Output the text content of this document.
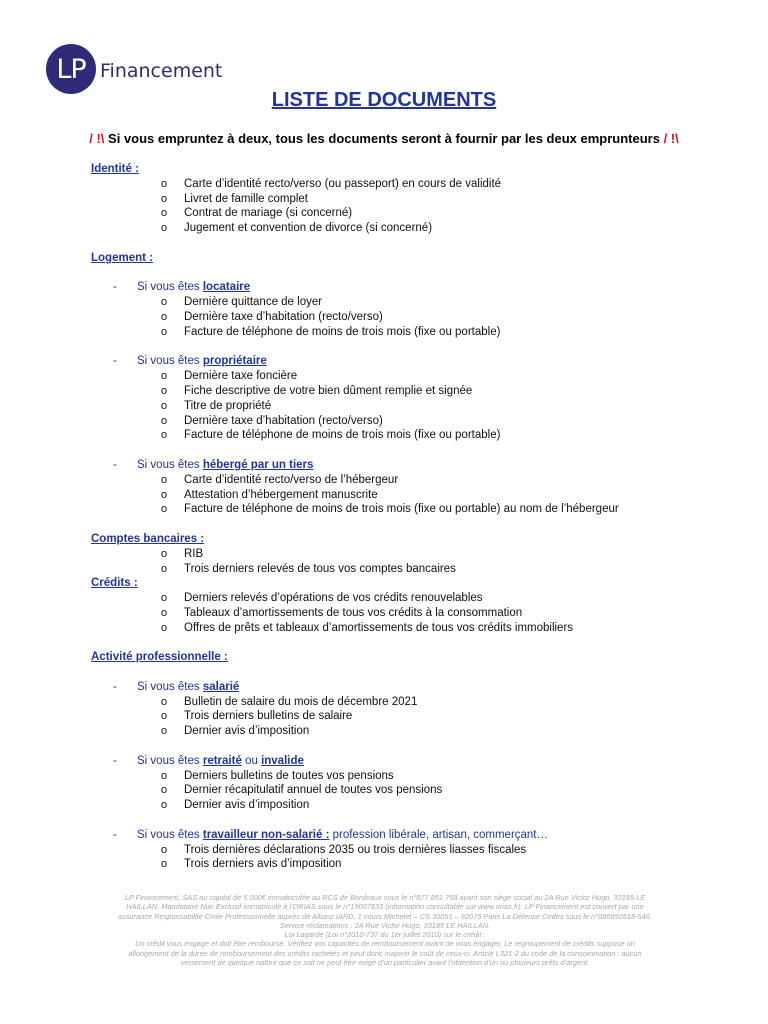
LP Financement
LISTE DE DOCUMENTS
/ !\ Si vous empruntez à deux, tous les documents seront à fournir par les deux emprunteurs / !\
Identité :
o Carte d’identité recto/verso (ou passeport) en cours de validité
o Livret de famille complet
o Contrat de mariage (si concerné)
o Jugement et convention de divorce (si concerné)
Logement :
- Si vous êtes locataire
o Dernière quittance de loyer
o Dernière taxe d’habitation (recto/verso)
o Facture de téléphone de moins de trois mois (fixe ou portable)
- Si vous êtes propriétaire
o Dernière taxe foncière
o Fiche descriptive de votre bien dûment remplie et signée
o Titre de propriété
o Dernière taxe d’habitation (recto/verso)
o Facture de téléphone de moins de trois mois (fixe ou portable)
- Si vous êtes hébergé par un tiers
o Carte d’identité recto/verso de l’hébergeur
o Attestation d’hébergement manuscrite
o Facture de téléphone de moins de trois mois (fixe ou portable) au nom de l’hébergeur
Comptes bancaires :
o RIB
o Trois derniers relevés de tous vos comptes bancaires
Crédits :
o Derniers relevés d’opérations de vos crédits renouvelables
o Tableaux d’amortissements de tous vos crédits à la consommation
o Offres de prêts et tableaux d’amortissements de tous vos crédits immobiliers
Activité professionnelle :
- Si vous êtes salarié
o Bulletin de salaire du mois de décembre 2021
o Trois derniers bulletins de salaire
o Dernier avis d’imposition
- Si vous êtes retraité ou invalide
o Derniers bulletins de toutes vos pensions
o Dernier récapitulatif annuel de toutes vos pensions
o Dernier avis d’imposition
- Si vous êtes travailleur non-salarié : profession libérale, artisan, commerçant…
o Trois dernières déclarations 2035 ou trois dernières liasses fiscales
o Trois derniers avis d’imposition
LP Financement, SAS au capital de 5 000€ immatriculée au RCS de Bordeaux sous le n°877 851 758 ayant son siège social au 2A Rue Victor Hugo, 33185 LE
HAILLAN. Mandataire Non Exclusif immatriculé à l’ORIAS sous le n°19007833 (information consultable sur www.orias.fr). LP Financement est couvert par une
assurance Responsabilité Civile Professionnelle auprès de Allianz IARD, 1 cours Michelet – CS 30051 – 92076 Paris La Défense Cedex sous le n°086850518-546.
Service réclamations : 2A Rue Victor Hugo, 33185 LE HAILLAN.
Loi Lagarde (Loi n°2010-737 du 1er juillet 2010) sur le crédit :
Un crédit vous engage et doit être remboursé. Vérifiez vos capacités de remboursement avant de vous engager. Le regroupement de crédits suppose un
allongement de la durée de remboursement des crédits rachetés et peut donc majorer le coût de ceux-ci. Article L321-2 du code de la consommation : aucun
versement de quelque nature que ce soit ne peut être exigé d’un particulier avant l’obtention d’un ou plusieurs prêts d’argent.
